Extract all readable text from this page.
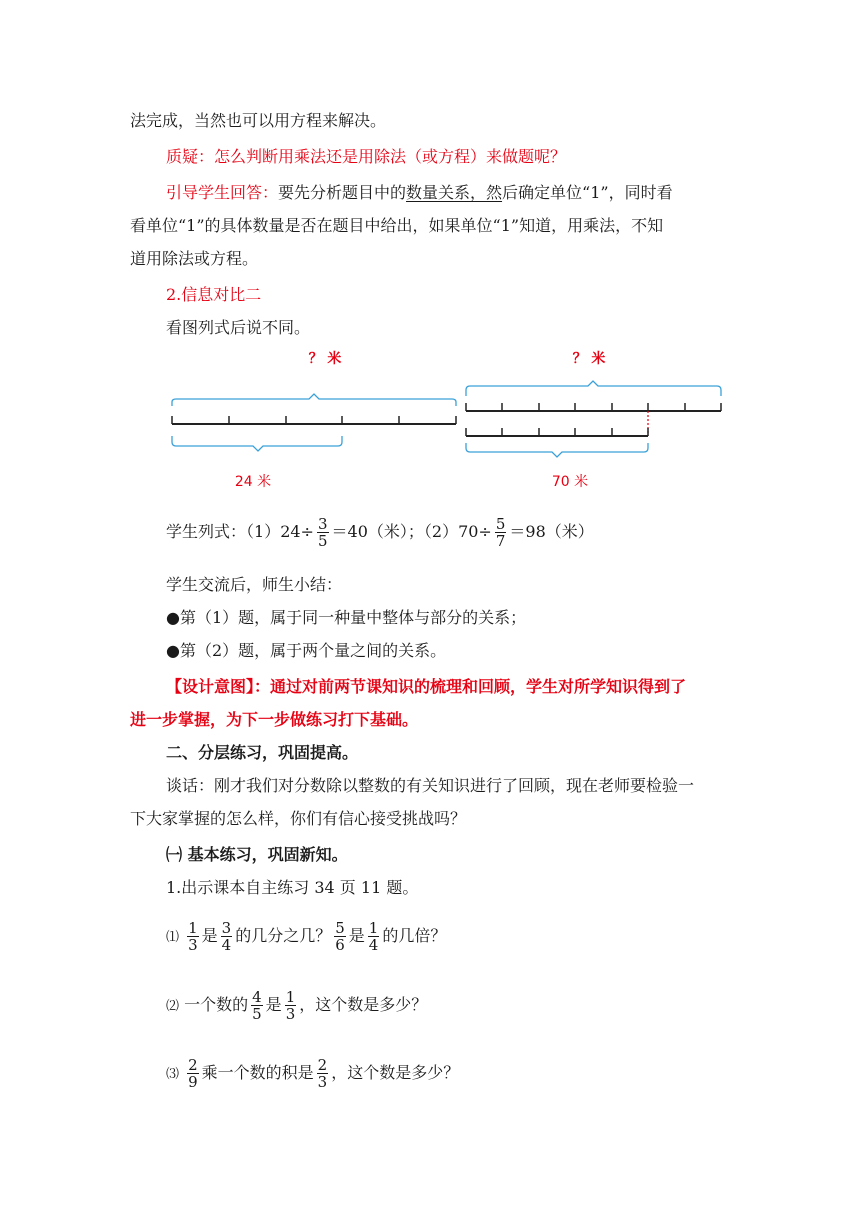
法完成，当然也可以用方程来解决。
质疑：怎么判断用乘法还是用除法（或方程）来做题呢？
引导学生回答：要先分析题目中的数量关系，然后确定单位“1”，同时看
看单位“1”的具体数量是否在题目中给出，如果单位“1”知道，用乘法，不知
道用除法或方程。
2.信息对比二
看图列式后说不同。
？ 米
24 米
？ 米
70 米
学生列式：$(1)24\div \frac{3}{5} =40$（米）；$(2)70\div \frac{5}{7} =98$（米）
学生交流后，师生小结：
●第（1）题，属于同一种量中整体与部分的关系；
●第（2）题，属于两个量之间的关系。
【设计意图】：通过对前两节课知识的梳理和回顾，学生对所学知识得到了
进一步掌握，为下一步做练习打下基础。
二、分层练习，巩固提高。
谈话：刚才我们对分数除以整数的有关知识进行了回顾，现在老师要检验一
下大家掌握的怎么样，你们有信心接受挑战吗？
㈠ 基本练习，巩固新知。
1.出示课本自主练习 34 页 11 题。
⑴ $\frac{1}{3}$ 是 $\frac{3}{4}$ 的几分之几？ $\frac{5}{6}$ 是 $\frac{1}{4}$ 的几倍？
⑵ 一个数的 $\frac{4}{5}$ 是 $\frac{1}{3}$ ，这个数是多少？
⑶ $\frac{2}{9}$ 乘一个数的积是 $\frac{2}{3}$ ，这个数是多少？
